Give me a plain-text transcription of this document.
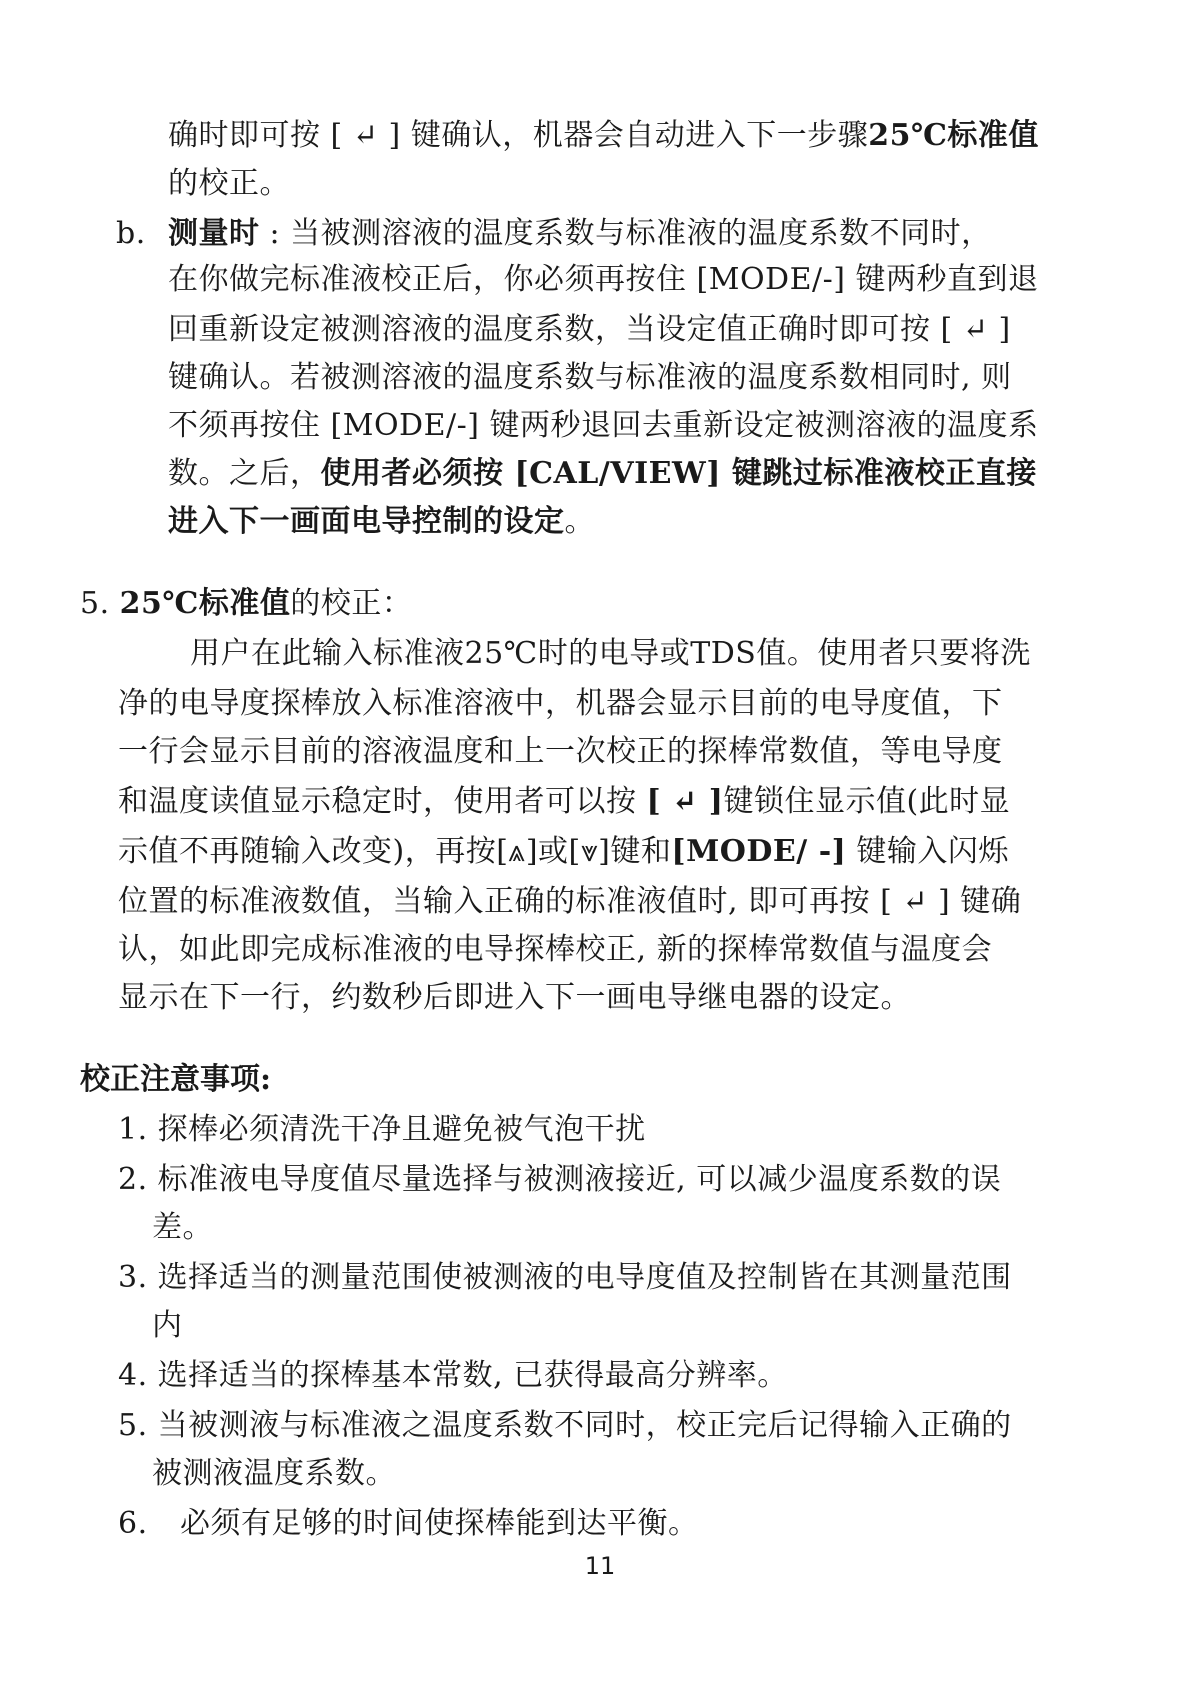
确时即可按 [ ↵ ] 键确认，机器会自动进入下一步骤25℃标准值
的校正。
b. 测量时 : 当被测溶液的温度系数与标准液的温度系数不同时，
在你做完标准液校正后，你必须再按住 [MODE/-] 键两秒直到退
回重新设定被测溶液的温度系数，当设定值正确时即可按 [ ↵ ]
键确认。若被测溶液的温度系数与标准液的温度系数相同时, 则
不须再按住 [MODE/-] 键两秒退回去重新设定被测溶液的温度系
数。之后，使用者必须按 [CAL/VIEW] 键跳过标准液校正直接
进入下一画面电导控制的设定。
5. 25℃标准值的校正：
用户在此输入标准液25℃时的电导或TDS值。使用者只要将洗
净的电导度探棒放入标准溶液中，机器会显示目前的电导度值，下
一行会显示目前的溶液温度和上一次校正的探棒常数值，等电导度
和温度读值显示稳定时，使用者可以按 [ ↵ ]键锁住显示值(此时显
示值不再随输入改变)，再按[⩓]或[⩔]键和[MODE/ -] 键输入闪烁
位置的标准液数值，当输入正确的标准液值时, 即可再按 [ ↵ ] 键确
认，如此即完成标准液的电导探棒校正, 新的探棒常数值与温度会
显示在下一行，约数秒后即进入下一画电导继电器的设定。
校正注意事项:
1. 探棒必须清洗干净且避免被气泡干扰
2. 标准液电导度值尽量选择与被测液接近, 可以减少温度系数的误
差。
3. 选择适当的测量范围使被测液的电导度值及控制皆在其测量范围
内
4. 选择适当的探棒基本常数, 已获得最高分辨率。
5. 当被测液与标准液之温度系数不同时，校正完后记得输入正确的
被测液温度系数。
6. 必须有足够的时间使探棒能到达平衡。
11
